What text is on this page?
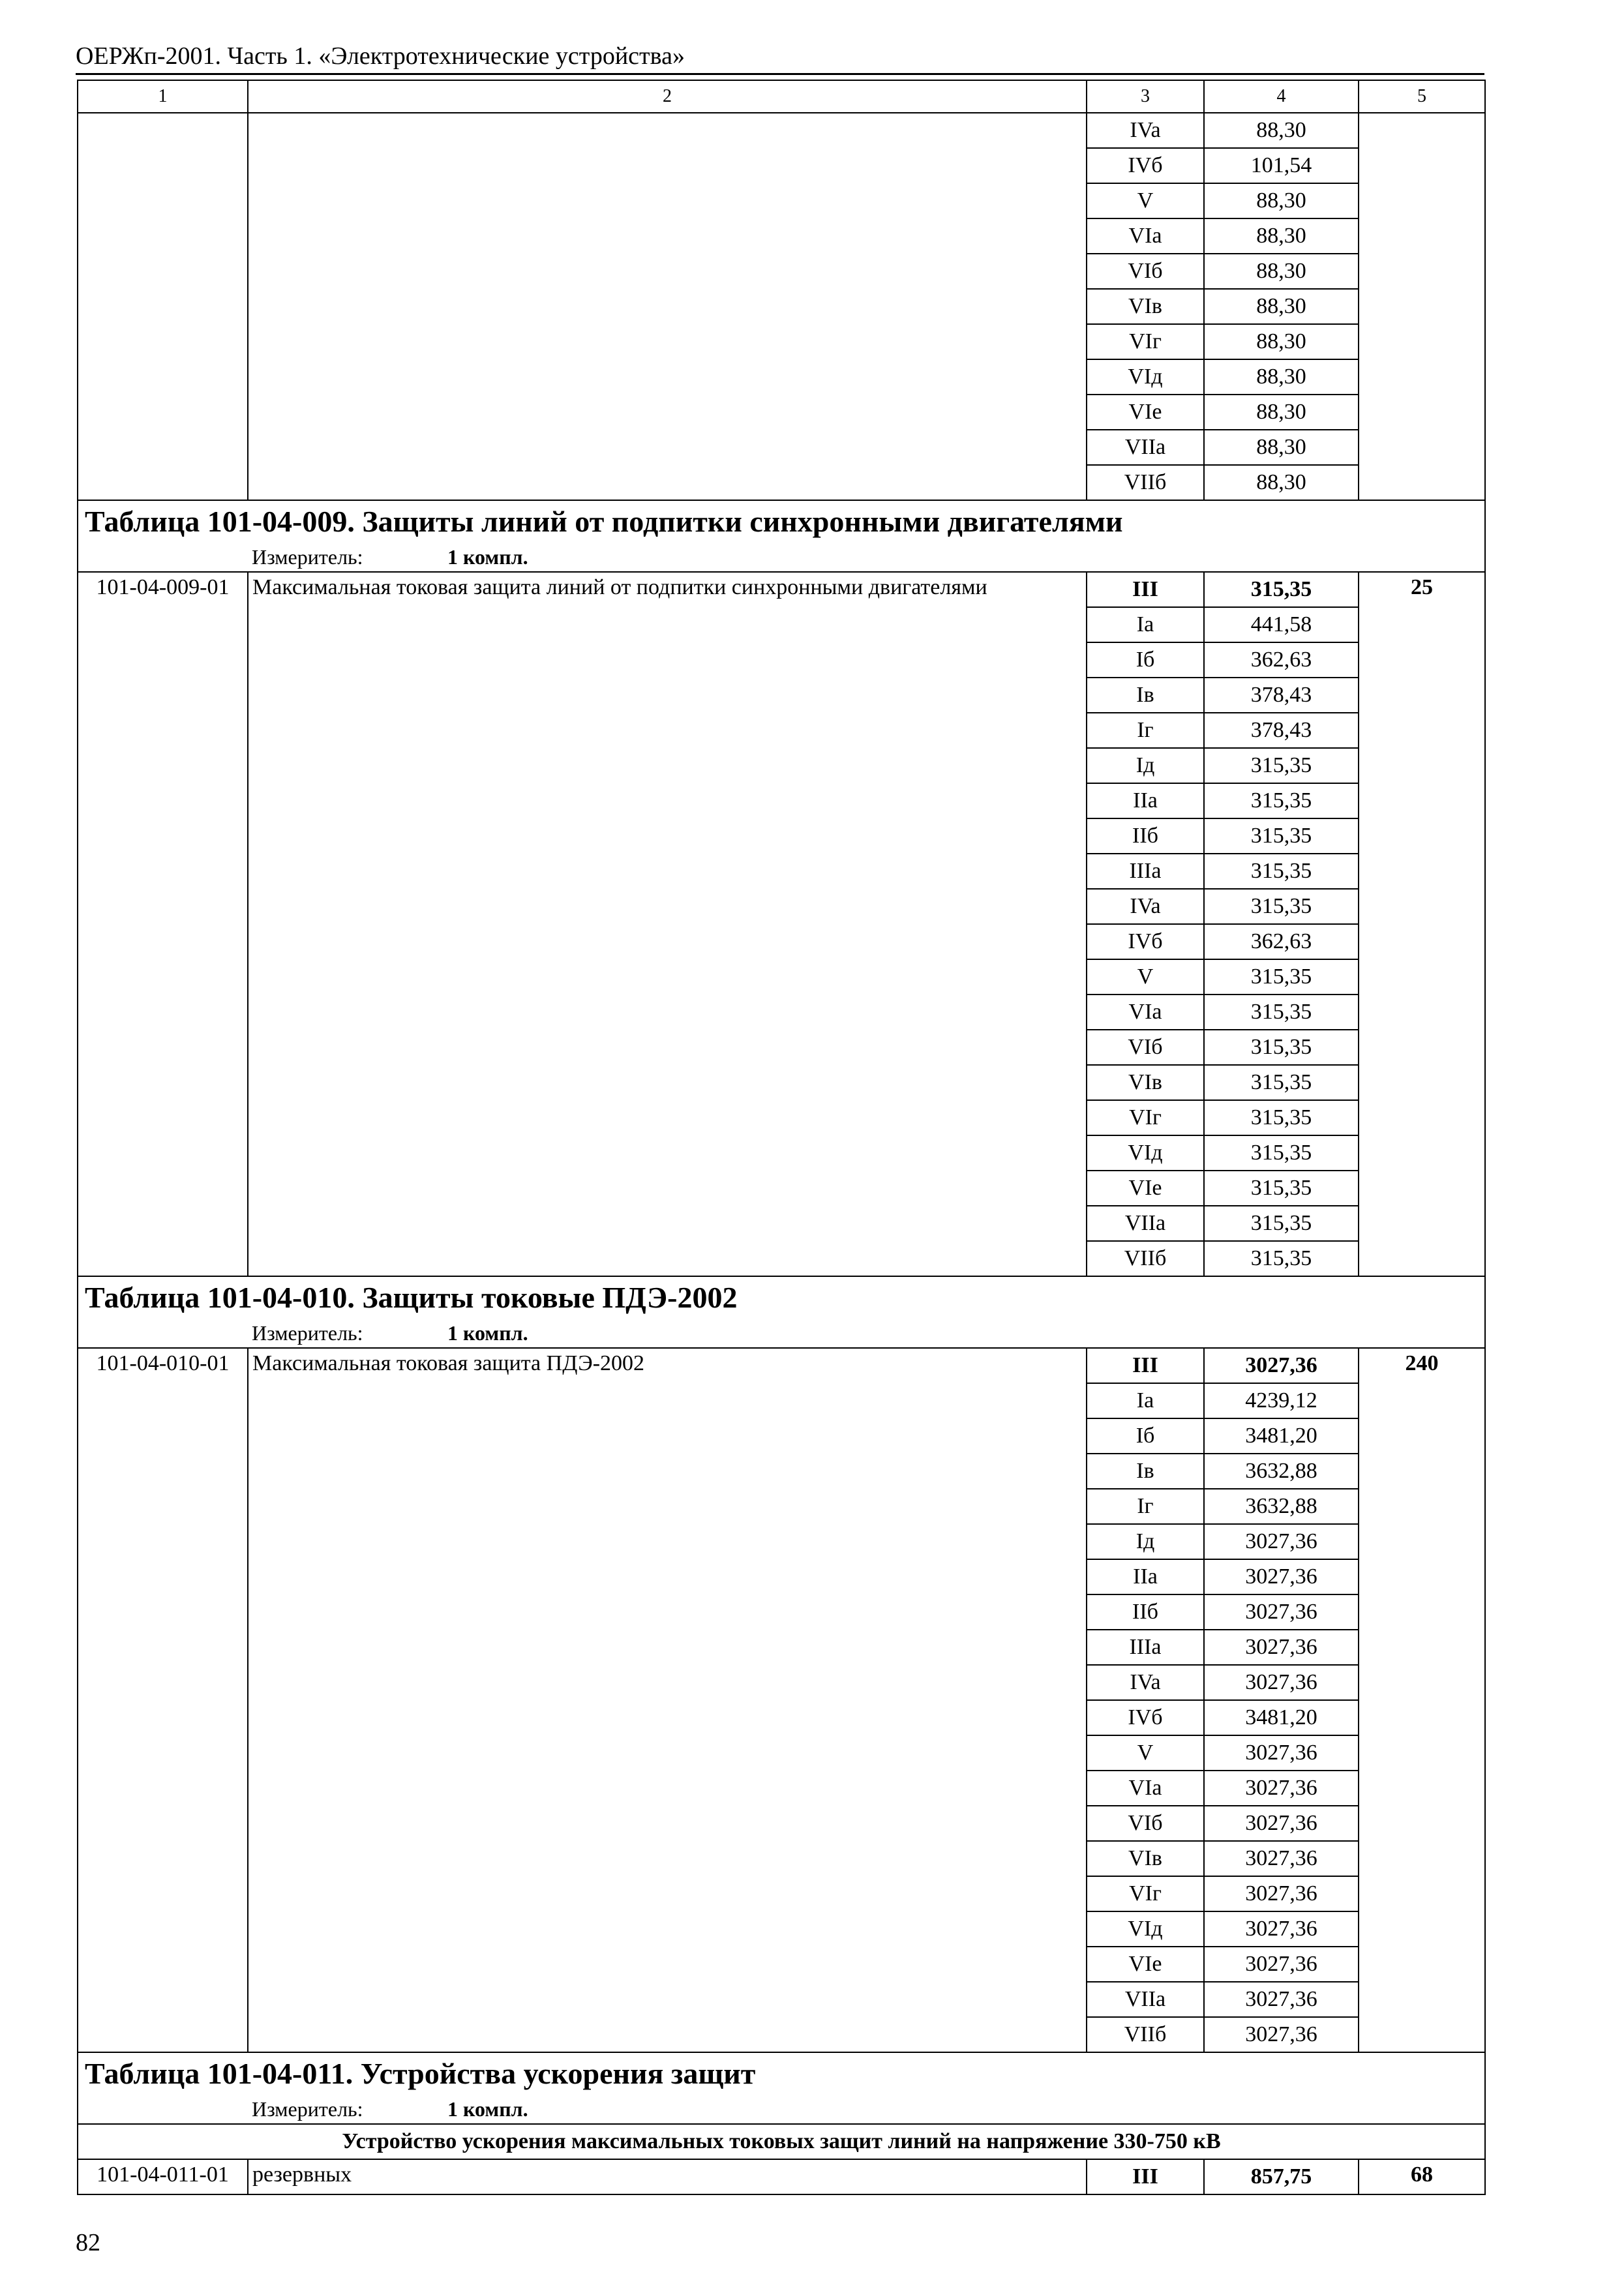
ОЕРЖп-2001. Часть 1. «Электротехнические устройства»
1	2	3	4	5
		IVa	88,30	
		IVб	101,54	
		V	88,30	
		VIa	88,30	
		VIб	88,30	
		VIв	88,30	
		VIг	88,30	
		VIд	88,30	
		VIе	88,30	
		VIIa	88,30	
		VIIб	88,30	
Таблица 101-04-009. Защиты линий от подпитки синхронными двигателями				
Измеритель: 1 компл.				
101-04-009-01	Максимальная токовая защита линий от подпитки синхронными двигателями	III	315,35	25
		Ia	441,58	
		Iб	362,63	
		Iв	378,43	
		Iг	378,43	
		Iд	315,35	
		IIa	315,35	
		IIб	315,35	
		IIIa	315,35	
		IVa	315,35	
		IVб	362,63	
		V	315,35	
		VIa	315,35	
		VIб	315,35	
		VIв	315,35	
		VIг	315,35	
		VIд	315,35	
		VIе	315,35	
		VIIa	315,35	
		VIIб	315,35	
Таблица 101-04-010. Защиты токовые ПДЭ-2002				
Измеритель: 1 компл.				
101-04-010-01	Максимальная токовая защита ПДЭ-2002	III	3027,36	240
		Ia	4239,12	
		Iб	3481,20	
		Iв	3632,88	
		Iг	3632,88	
		Iд	3027,36	
		IIa	3027,36	
		IIб	3027,36	
		IIIa	3027,36	
		IVa	3027,36	
		IVб	3481,20	
		V	3027,36	
		VIa	3027,36	
		VIб	3027,36	
		VIв	3027,36	
		VIг	3027,36	
		VIд	3027,36	
		VIе	3027,36	
		VIIa	3027,36	
		VIIб	3027,36	
Таблица 101-04-011. Устройства ускорения защит				
Измеритель: 1 компл.				
Устройство ускорения максимальных токовых защит линий на напряжение 330-750 кВ				
101-04-011-01	резервных	III	857,75	68
82
